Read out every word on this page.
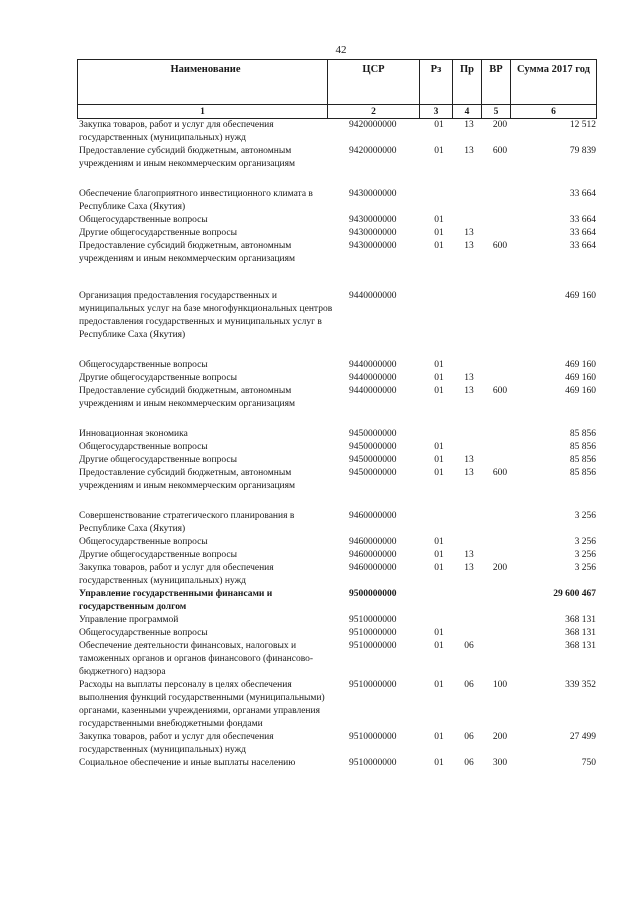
42
Наименование	ЦСР	Рз	Пр	ВР	Сумма 2017 год
1	2	3	4	5	6
Закупка товаров, работ и услуг для обеспечения государственных (муниципальных) нужд	9420000000	01	13	200	12 512
Предоставление субсидий бюджетным, автономным учреждениям и иным некоммерческим организациям	9420000000	01	13	600	79 839

Обеспечение благоприятного инвестиционного климата в Республике Саха (Якутия)	9430000000				33 664
Общегосударственные вопросы	9430000000	01			33 664
Другие общегосударственные вопросы	9430000000	01	13		33 664
Предоставление субсидий бюджетным, автономным учреждениям и иным некоммерческим организациям	9430000000	01	13	600	33 664

Организация предоставления государственных и муниципальных услуг на базе многофункциональных центров предоставления государственных и муниципальных услуг в Республике Саха (Якутия)	9440000000				469 160

Общегосударственные вопросы	9440000000	01			469 160
Другие общегосударственные вопросы	9440000000	01	13		469 160
Предоставление субсидий бюджетным, автономным учреждениям и иным некоммерческим организациям	9440000000	01	13	600	469 160

Инновационная экономика	9450000000				85 856
Общегосударственные вопросы	9450000000	01			85 856
Другие общегосударственные вопросы	9450000000	01	13		85 856
Предоставление субсидий бюджетным, автономным учреждениям и иным некоммерческим организациям	9450000000	01	13	600	85 856

Совершенствование стратегического планирования в Республике Саха (Якутия)	9460000000				3 256
Общегосударственные вопросы	9460000000	01			3 256
Другие общегосударственные вопросы	9460000000	01	13		3 256
Закупка товаров, работ и услуг для обеспечения государственных (муниципальных) нужд	9460000000	01	13	200	3 256
Управление государственными финансами и государственным долгом	9500000000				29 600 467
Управление программой	9510000000				368 131
Общегосударственные вопросы	9510000000	01			368 131
Обеспечение деятельности финансовых, налоговых и таможенных органов и органов финансового (финансово-бюджетного) надзора	9510000000	01	06		368 131
Расходы на выплаты персоналу в целях обеспечения выполнения функций государственными (муниципальными) органами, казенными учреждениями, органами управления государственными внебюджетными фондами	9510000000	01	06	100	339 352
Закупка товаров, работ и услуг для обеспечения государственных (муниципальных) нужд	9510000000	01	06	200	27 499
Социальное обеспечение и иные выплаты населению	9510000000	01	06	300	750
